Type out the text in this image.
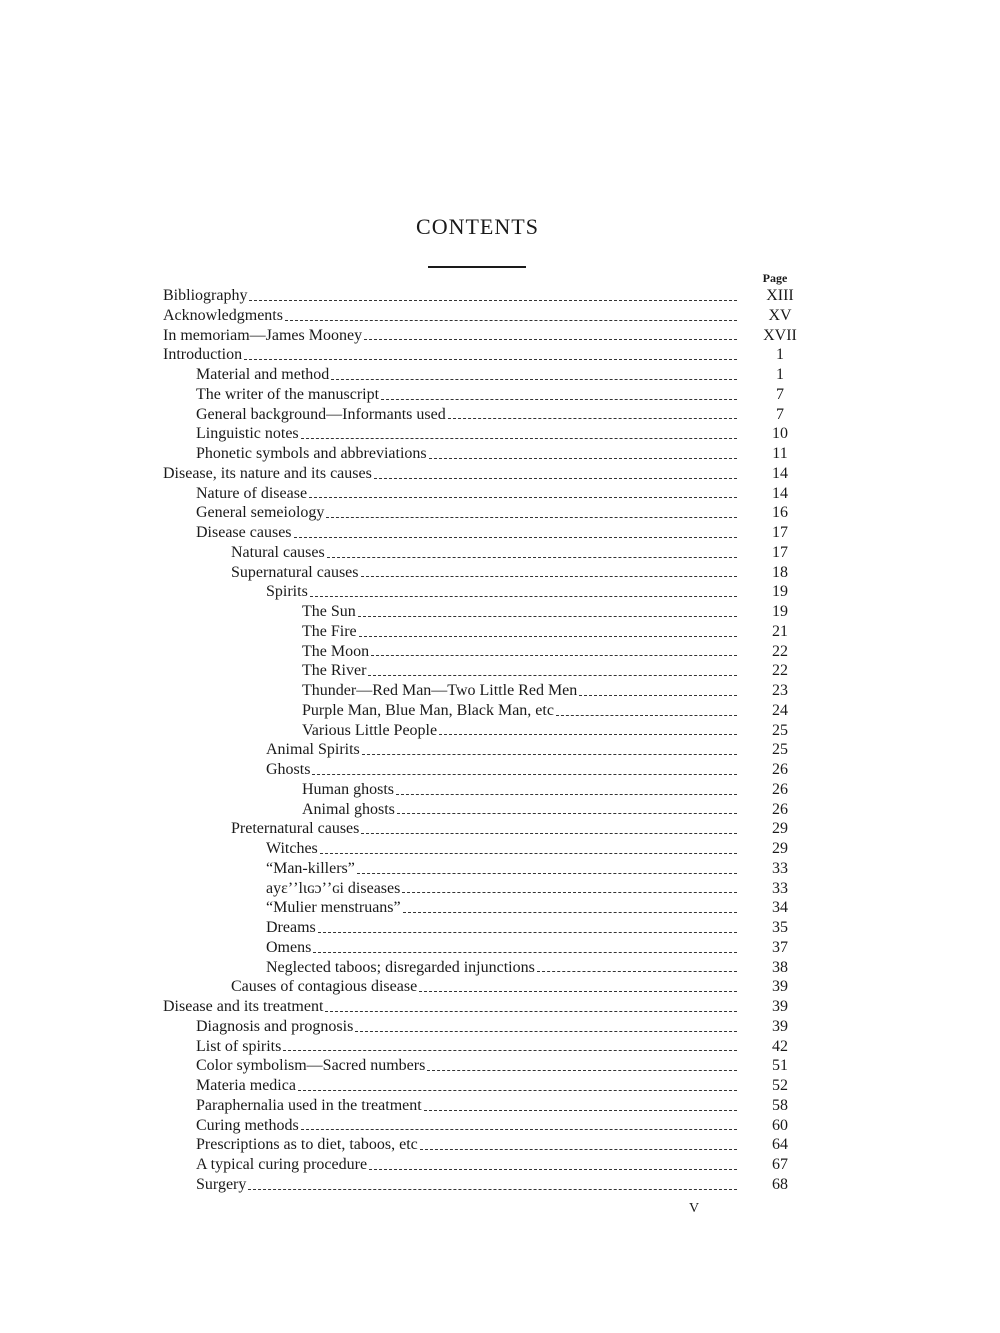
CONTENTS
Page
Bibliography	XIII
Acknowledgments	XV
In memoriam—James Mooney	XVII
Introduction	1
Material and method	1
The writer of the manuscript	7
General background—Informants used	7
Linguistic notes	10
Phonetic symbols and abbreviations	11
Disease, its nature and its causes	14
Nature of disease	14
General semeiology	16
Disease causes	17
Natural causes	17
Supernatural causes	18
Spirits	19
The Sun	19
The Fire	21
The Moon	22
The River	22
Thunder—Red Man—Two Little Red Men	23
Purple Man, Blue Man, Black Man, etc	24
Various Little People	25
Animal Spirits	25
Ghosts	26
Human ghosts	26
Animal ghosts	26
Preternatural causes	29
Witches	29
“Man-killers”	33
ayɛʼʼlɩɢɔʼʼɢi diseases	33
“Mulier menstruans”	34
Dreams	35
Omens	37
Neglected taboos; disregarded injunctions	38
Causes of contagious disease	39
Disease and its treatment	39
Diagnosis and prognosis	39
List of spirits	42
Color symbolism—Sacred numbers	51
Materia medica	52
Paraphernalia used in the treatment	58
Curing methods	60
Prescriptions as to diet, taboos, etc	64
A typical curing procedure	67
Surgery	68
V
